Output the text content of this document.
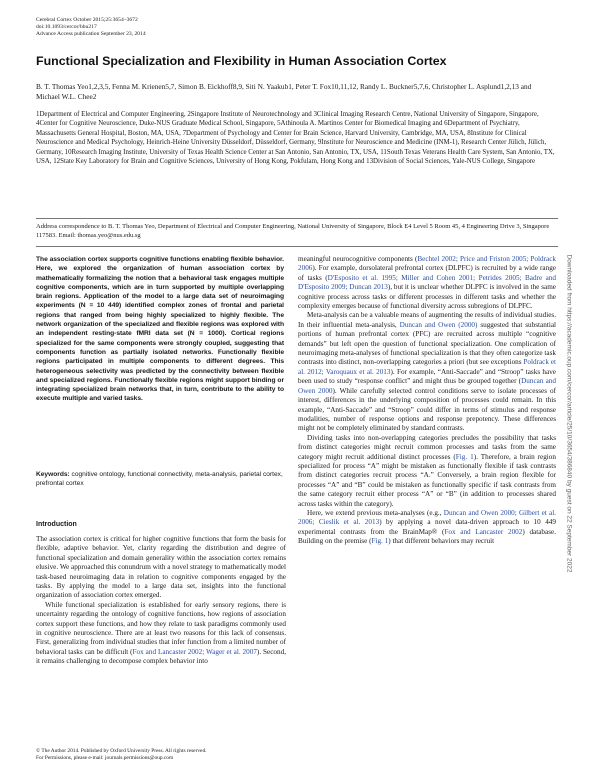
Cerebral Cortex October 2015;25:3654–3672
doi:10.1093/cercor/bhu217
Advance Access publication September 23, 2014
Functional Specialization and Flexibility in Human Association Cortex
B. T. Thomas Yeo1,2,3,5, Fenna M. Krienen5,7, Simon B. Eickhoff8,9, Siti N. Yaakub1, Peter T. Fox10,11,12, Randy L. Buckner5,7,6, Christopher L. Asplund1,2,13 and Michael W.L. Chee2
1Department of Electrical and Computer Engineering, 2Singapore Institute of Neurotechnology and 3Clinical Imaging Research Centre, National University of Singapore, Singapore, 4Center for Cognitive Neuroscience, Duke-NUS Graduate Medical School, Singapore, 5Athinoula A. Martinos Center for Biomedical Imaging and 6Department of Psychiatry, Massachusetts General Hospital, Boston, MA, USA, 7Department of Psychology and Center for Brain Science, Harvard University, Cambridge, MA, USA, 8Institute for Clinical Neuroscience and Medical Psychology, Heinrich-Heine University Düsseldorf, Düsseldorf, Germany, 9Institute for Neuroscience and Medicine (INM-1), Research Center Jülich, Jülich, Germany, 10Research Imaging Institute, University of Texas Health Science Center at San Antonio, San Antonio, TX, USA, 11South Texas Veterans Health Care System, San Antonio, TX, USA, 12State Key Laboratory for Brain and Cognitive Sciences, University of Hong Kong, Pokfulam, Hong Kong and 13Division of Social Sciences, Yale-NUS College, Singapore
Address correspondence to B. T. Thomas Yeo, Department of Electrical and Computer Engineering, National University of Singapore, Block E4 Level 5 Room 45, 4 Engineering Drive 3, Singapore 117583. Email: thomas.yeo@nus.edu.sg
The association cortex supports cognitive functions enabling flexible behavior. Here, we explored the organization of human association cortex by mathematically formalizing the notion that a behavioral task engages multiple cognitive components, which are in turn supported by multiple overlapping brain regions. Application of the model to a large data set of neuroimaging experiments (N = 10 449) identified complex zones of frontal and parietal regions that ranged from being highly specialized to highly flexible. The network organization of the specialized and flexible regions was explored with an independent resting-state fMRI data set (N = 1000). Cortical regions specialized for the same components were strongly coupled, suggesting that components function as partially isolated networks. Functionally flexible regions participated in multiple components to different degrees. This heterogeneous selectivity was predicted by the connectivity between flexible and specialized regions. Functionally flexible regions might support binding or integrating specialized brain networks that, in turn, contribute to the ability to execute multiple and varied tasks.
Keywords: cognitive ontology, functional connectivity, meta-analysis, parietal cortex, prefrontal cortex
Introduction

The association cortex is critical for higher cognitive functions that form the basis for flexible, adaptive behavior. Yet, clarity regarding the distribution and degree of functional specialization and domain generality within the association cortex remains elusive. We approached this conundrum with a novel strategy to mathematically model task-based neuroimaging data in relation to cognitive components engaged by the tasks. By applying the model to a large data set, insights into the functional organization of association cortex emerged.

While functional specialization is established for early sensory regions, there is uncertainty regarding the ontology of cognitive functions, how regions of association cortex support these functions, and how they relate to task paradigms commonly used in cognitive neuroscience. There are at least two reasons for this lack of consensus. First, generalizing from individual studies that infer function from a limited number of behavioral tasks can be difficult (Fox and Lancaster 2002; Wager et al. 2007). Second, it remains challenging to decompose complex behavior into

meaningful neurocognitive components (Bechtel 2002; Price and Friston 2005; Poldrack 2006). For example, dorsolateral prefrontal cortex (DLPFC) is recruited by a wide range of tasks (D'Esposito et al. 1995; Miller and Cohen 2001; Petrides 2005; Badre and D'Esposito 2009; Duncan 2013), but it is unclear whether DLPFC is involved in the same cognitive process across tasks or different processes in different tasks and whether the complexity emerges because of functional diversity across subregions of DLPFC.

Meta-analysis can be a valuable means of augmenting the results of individual studies. In their influential meta-analysis, Duncan and Owen (2000) suggested that substantial portions of human prefrontal cortex (PFC) are recruited across multiple “cognitive demands” but left open the question of functional specialization. One complication of neuroimaging meta-analyses of functional specialization is that they often categorize task contrasts into distinct, non-overlapping categories a priori (but see exceptions Poldrack et al. 2012; Varoquaux et al. 2013). For example, “Anti-Saccade” and “Stroop” tasks have been used to study “response conflict” and might thus be grouped together (Duncan and Owen 2000). While carefully selected control conditions serve to isolate processes of interest, differences in the underlying composition of processes could remain. In this example, “Anti-Saccade” and “Stroop” could differ in terms of stimulus and response modalities, number of response options and response prepotency. These differences might not be completely eliminated by standard contrasts.

Dividing tasks into non-overlapping categories precludes the possibility that tasks from distinct categories might recruit common processes and tasks from the same category might recruit additional distinct processes (Fig. 1). Therefore, a brain region specialized for process “A” might be mistaken as functionally flexible if task contrasts from distinct categories recruit process “A.” Conversely, a brain region flexible for processes “A” and “B” could be mistaken as functionally specific if task contrasts from the same category recruit either process “A” or “B” (in addition to processes shared across tasks within the category).

Here, we extend previous meta-analyses (e.g., Duncan and Owen 2000; Gilbert et al. 2006; Cieslik et al. 2013) by applying a novel data-driven approach to 10 449 experimental contrasts from the BrainMap® (Fox and Lancaster 2002) database. Building on the premise (Fig. 1) that different behaviors may recruit

© The Author 2014. Published by Oxford University Press. All rights reserved.
For Permissions, please e-mail: journals.permissions@oup.com
Downloaded from https://academic.oup.com/cercor/article/25/10/3654/386840 by guest on 22 September 2022
